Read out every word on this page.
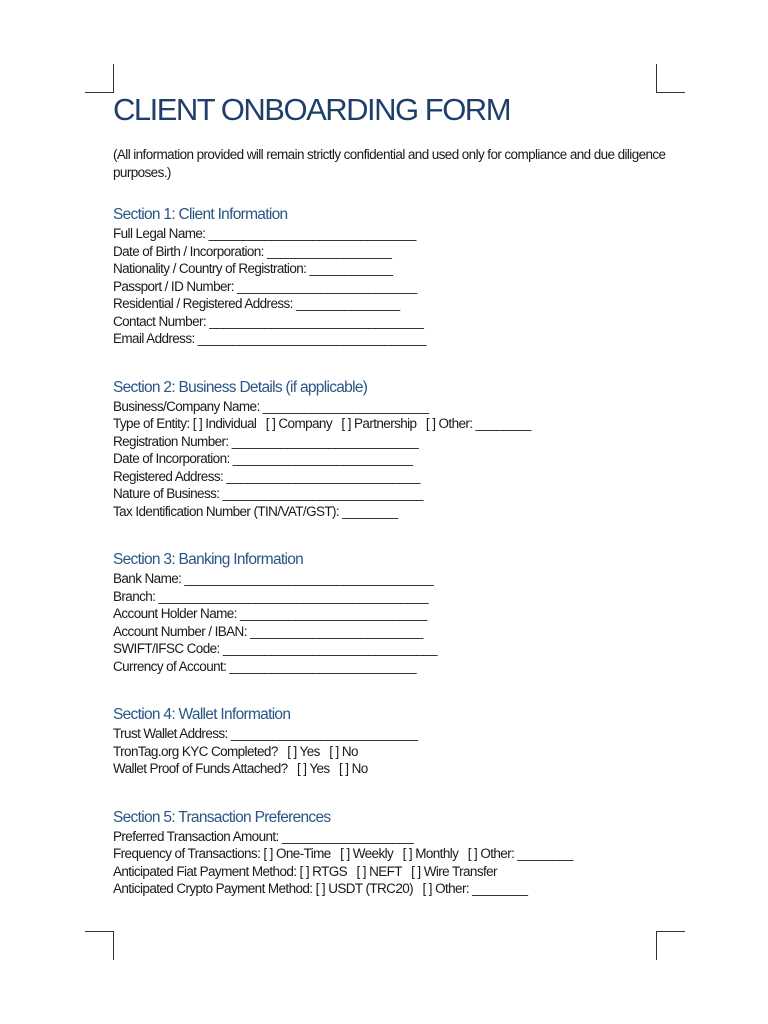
CLIENT ONBOARDING FORM

(All information provided will remain strictly confidential and used only for compliance and due diligence purposes.)

Section 1: Client Information
Full Legal Name: ______________________________
Date of Birth / Incorporation: __________________
Nationality / Country of Registration: ____________
Passport / ID Number: __________________________
Residential / Registered Address: _______________
Contact Number: _______________________________
Email Address: _________________________________
Section 2: Business Details (if applicable)
Business/Company Name: ________________________
Type of Entity: [ ] Individual   [ ] Company   [ ] Partnership   [ ] Other: ________
Registration Number: ___________________________
Date of Incorporation: __________________________
Registered Address: ____________________________
Nature of Business: _____________________________
Tax Identification Number (TIN/VAT/GST): ________
Section 3: Banking Information
Bank Name: ____________________________________
Branch: _______________________________________
Account Holder Name: ___________________________
Account Number / IBAN: _________________________
SWIFT/IFSC Code: _______________________________
Currency of Account: ___________________________
Section 4: Wallet Information
Trust Wallet Address: ___________________________
TronTag.org KYC Completed?   [ ] Yes   [ ] No
Wallet Proof of Funds Attached?   [ ] Yes   [ ] No
Section 5: Transaction Preferences
Preferred Transaction Amount: ___________________
Frequency of Transactions: [ ] One-Time   [ ] Weekly   [ ] Monthly   [ ] Other: ________
Anticipated Fiat Payment Method: [ ] RTGS   [ ] NEFT   [ ] Wire Transfer
Anticipated Crypto Payment Method: [ ] USDT (TRC20)   [ ] Other: ________
